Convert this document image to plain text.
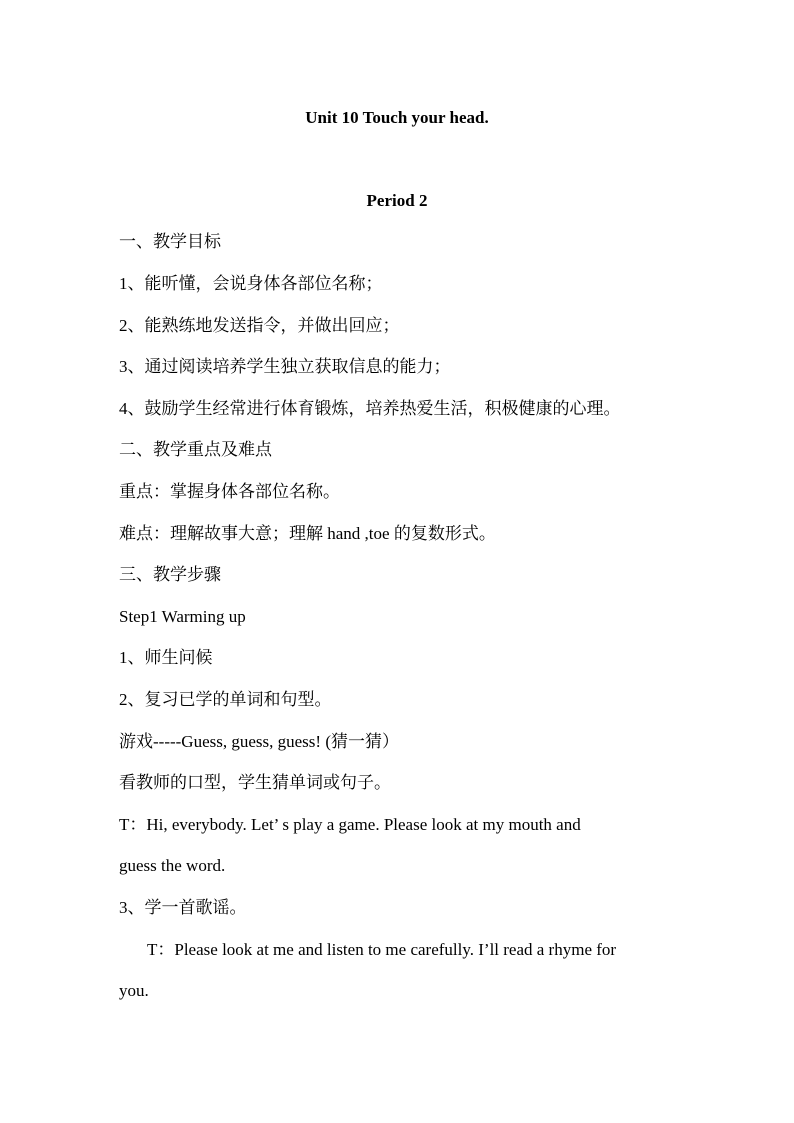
Unit 10 Touch your head.
Period 2
一、教学目标
1、能听懂，会说身体各部位名称；
2、能熟练地发送指令，并做出回应；
3、通过阅读培养学生独立获取信息的能力；
4、鼓励学生经常进行体育锻炼，培养热爱生活，积极健康的心理。
二、教学重点及难点
重点：掌握身体各部位名称。
难点：理解故事大意；理解 hand ,toe 的复数形式。
三、教学步骤
Step1 Warming up
1、师生问候
2、复习已学的单词和句型。
游戏-----Guess, guess, guess! (猜一猜）
看教师的口型，学生猜单词或句子。
T：Hi, everybody. Let’ s play a game. Please look at my mouth and
guess the word.
3、学一首歌谣。
T：Please look at me and listen to me carefully. I’ll read a rhyme for
you.
